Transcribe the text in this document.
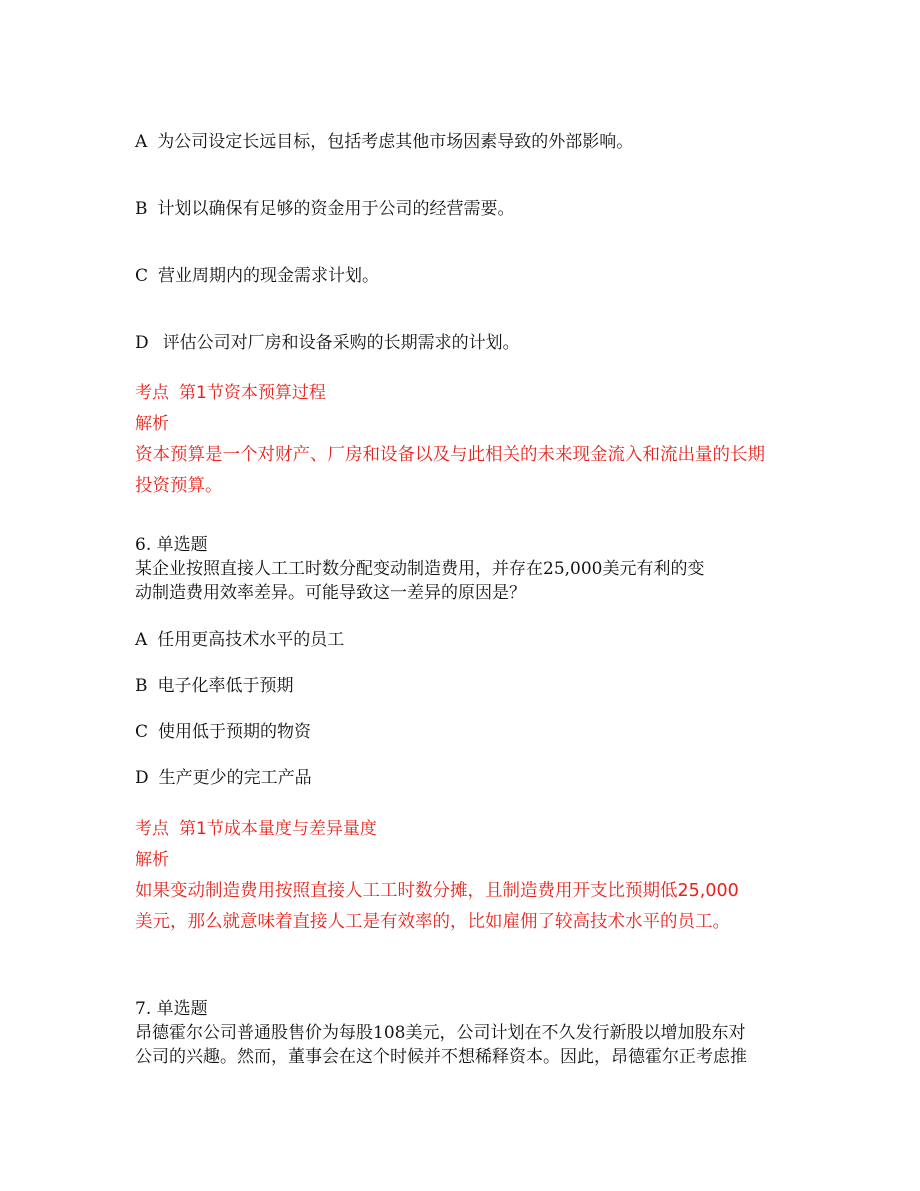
A 为公司设定长远目标，包括考虑其他市场因素导致的外部影响。
B 计划以确保有足够的资金用于公司的经营需要。
C 营业周期内的现金需求计划。
D 评估公司对厂房和设备采购的长期需求的计划。
考点 第1节资本预算过程
解析
资本预算是一个对财产、厂房和设备以及与此相关的未来现金流入和流出量的长期
投资预算。
6. 单选题
某企业按照直接人工工时数分配变动制造费用，并存在25,000美元有利的变
动制造费用效率差异。可能导致这一差异的原因是？
A 任用更高技术水平的员工
B 电子化率低于预期
C 使用低于预期的物资
D 生产更少的完工产品
考点 第1节成本量度与差异量度
解析
如果变动制造费用按照直接人工工时数分摊，且制造费用开支比预期低25,000
美元，那么就意味着直接人工是有效率的，比如雇佣了较高技术水平的员工。
7. 单选题
昂德霍尔公司普通股售价为每股108美元，公司计划在不久发行新股以增加股东对
公司的兴趣。然而，董事会在这个时候并不想稀释资本。因此，昂德霍尔正考虑推
